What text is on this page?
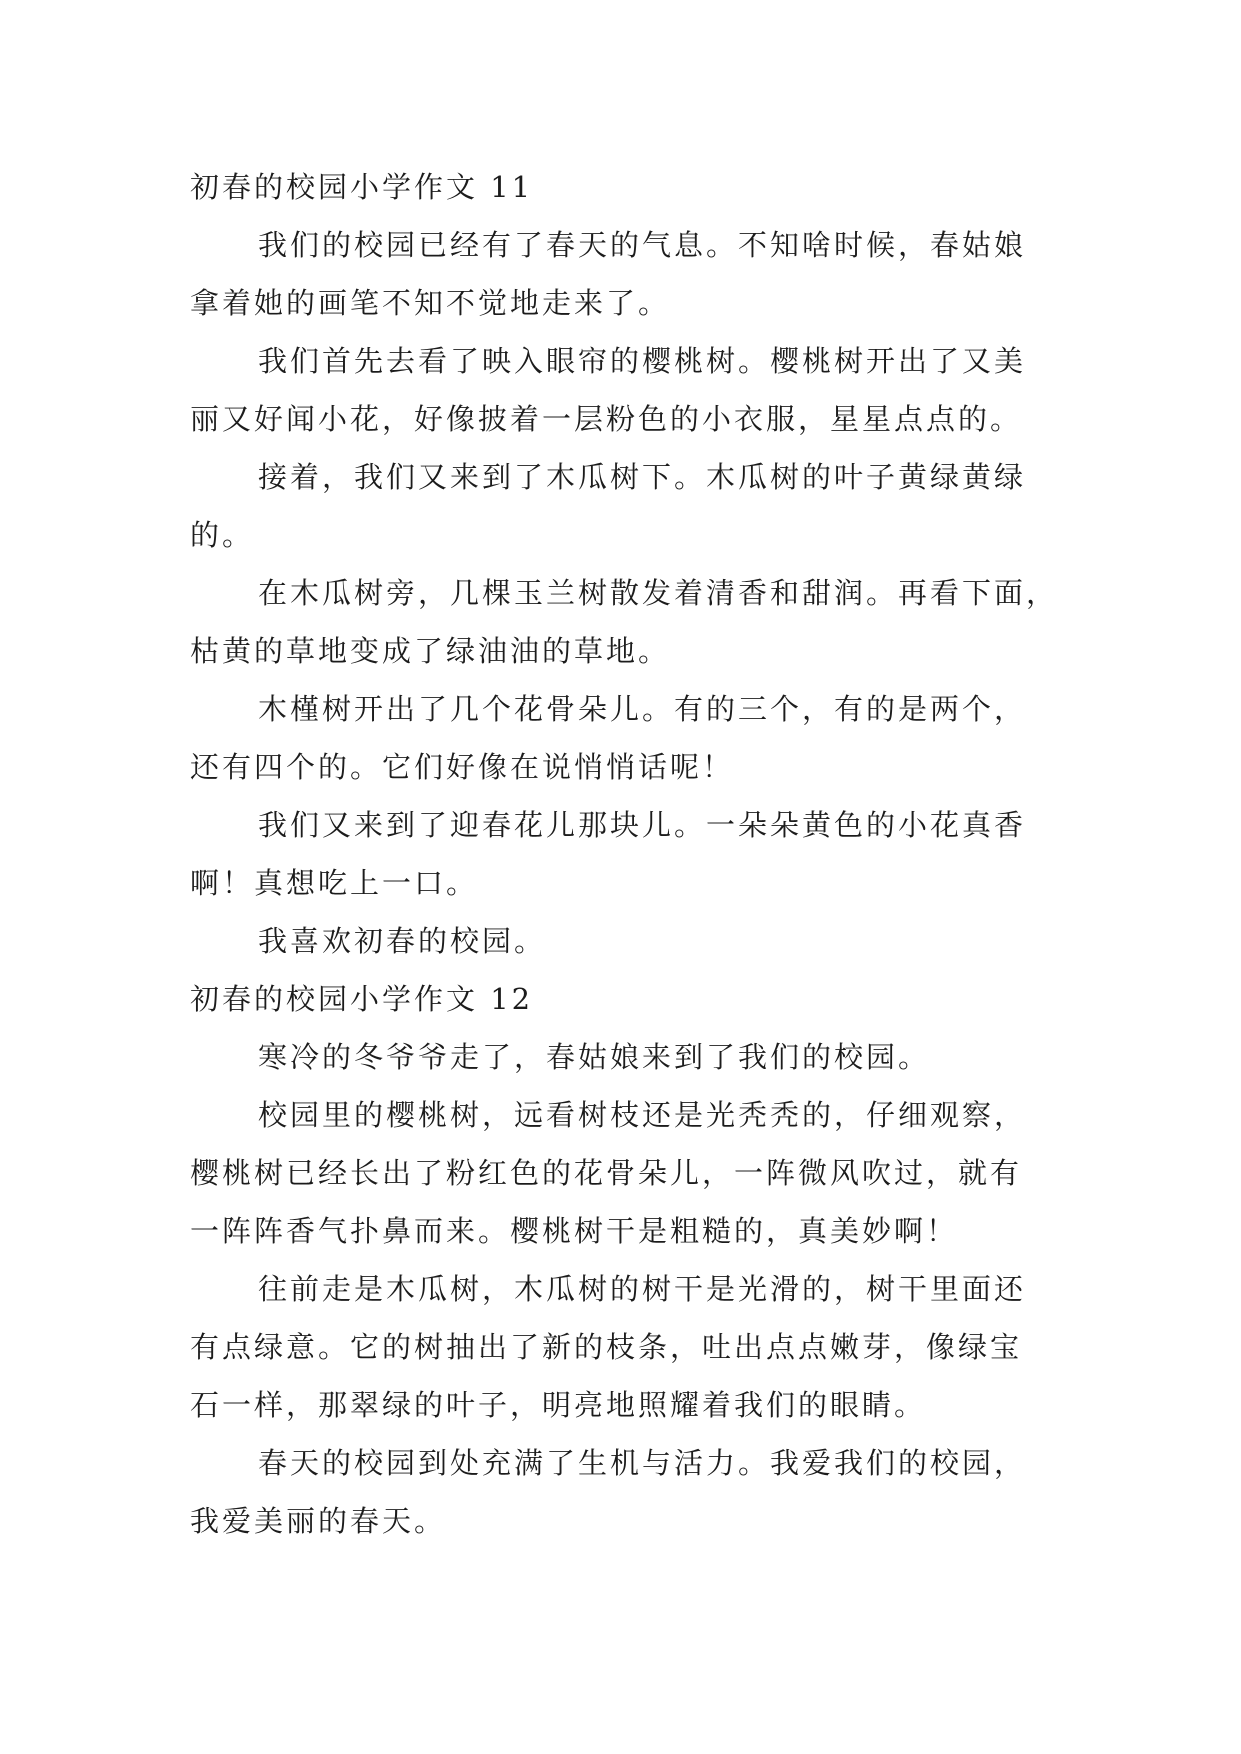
初春的校园小学作文 11
我们的校园已经有了春天的气息。不知啥时候，春姑娘
拿着她的画笔不知不觉地走来了。
我们首先去看了映入眼帘的樱桃树。樱桃树开出了又美
丽又好闻小花，好像披着一层粉色的小衣服，星星点点的。
接着，我们又来到了木瓜树下。木瓜树的叶子黄绿黄绿
的。
在木瓜树旁，几棵玉兰树散发着清香和甜润。再看下面，
枯黄的草地变成了绿油油的草地。
木槿树开出了几个花骨朵儿。有的三个，有的是两个，
还有四个的。它们好像在说悄悄话呢！
我们又来到了迎春花儿那块儿。一朵朵黄色的小花真香
啊！真想吃上一口。
我喜欢初春的校园。
初春的校园小学作文 12
寒冷的冬爷爷走了，春姑娘来到了我们的校园。
校园里的樱桃树，远看树枝还是光秃秃的，仔细观察，
樱桃树已经长出了粉红色的花骨朵儿，一阵微风吹过，就有
一阵阵香气扑鼻而来。樱桃树干是粗糙的，真美妙啊！
往前走是木瓜树，木瓜树的树干是光滑的，树干里面还
有点绿意。它的树抽出了新的枝条，吐出点点嫩芽，像绿宝
石一样，那翠绿的叶子，明亮地照耀着我们的眼睛。
春天的校园到处充满了生机与活力。我爱我们的校园，
我爱美丽的春天。
